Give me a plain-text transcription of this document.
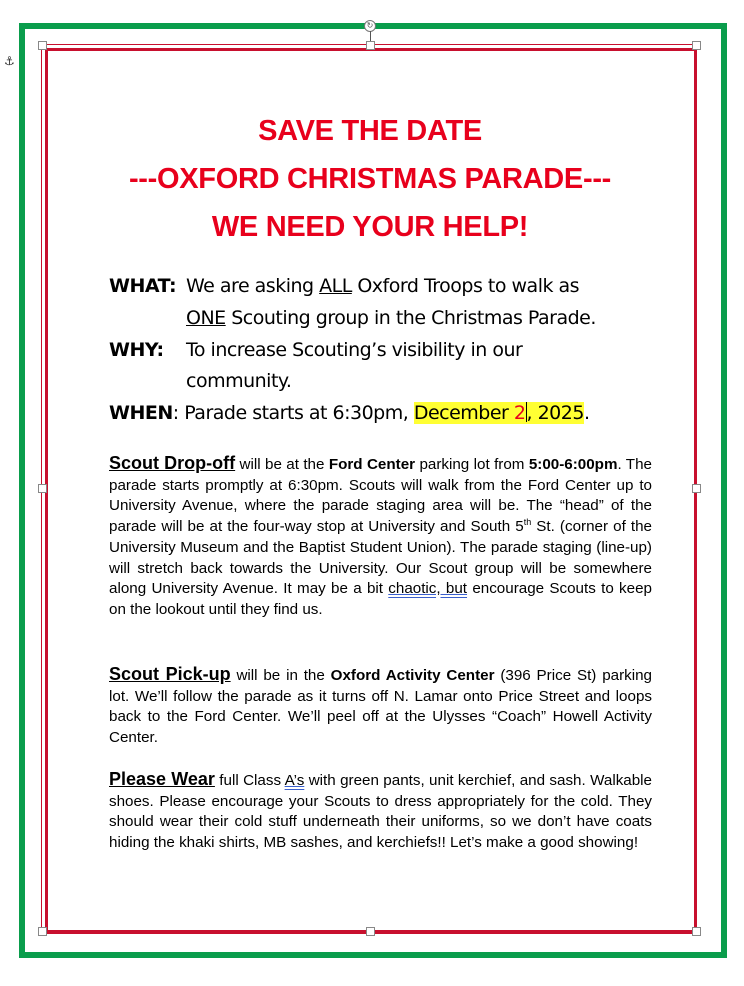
↻
⚓
SAVE THE DATE
---OXFORD CHRISTMAS PARADE---
WE NEED YOUR HELP!
WHAT: We are asking ALL Oxford Troops to walk as
ONE Scouting group in the Christmas Parade.
WHY:	To increase Scouting’s visibility in our
community.
WHEN : Parade starts at 6:30pm, December 2, 2025.
Scout Drop-off will be at the Ford Center parking lot from 5:00-6:00pm. The parade starts promptly at 6:30pm. Scouts will walk from the Ford Center up to University Avenue, where the parade staging area will be. The “head” of the parade will be at the four-way stop at University and South 5th St. (corner of the University Museum and the Baptist Student Union). The parade staging (line-up) will stretch back towards the University. Our Scout group will be somewhere along University Avenue. It may be a bit chaotic, but encourage Scouts to keep on the lookout until they find us.
Scout Pick-up will be in the Oxford Activity Center (396 Price St) parking lot. We’ll follow the parade as it turns off N. Lamar onto Price Street and loops back to the Ford Center. We’ll peel off at the Ulysses “Coach” Howell Activity Center.
Please Wear full Class A’s with green pants, unit kerchief, and sash. Walkable shoes. Please encourage your Scouts to dress appropriately for the cold. They should wear their cold stuff underneath their uniforms, so we don’t have coats hiding the khaki shirts, MB sashes, and kerchiefs!! Let’s make a good showing!
